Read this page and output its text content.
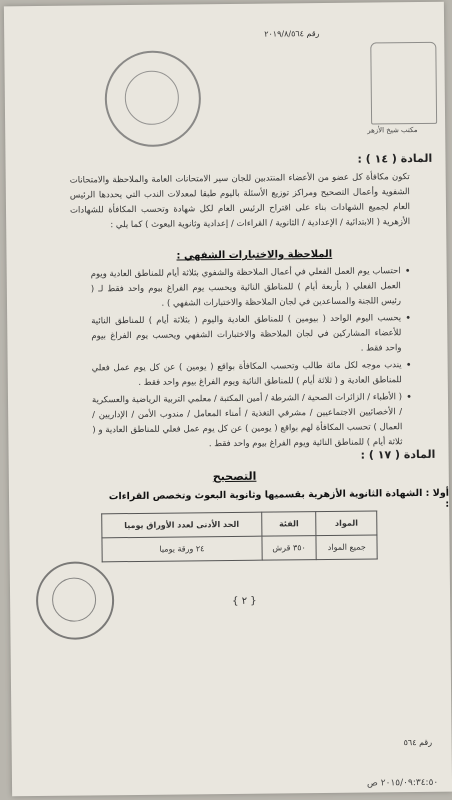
رقم ٢٠١٩/٨/٥٦٤
مكتب شيخ الأزهر
المادة ( ١٤ ) :
تكون مكافأة كل عضو من الأعضاء المنتدبين للجان سير الامتحانات العامة والملاحظة والامتحانات الشفوية وأعمال التصحيح ومراكز توزيع الأسئلة باليوم طبقا لمعدلات الندب التي يحددها الرئيس العام لجميع الشهادات بناء على اقتراح الرئيس العام لكل شهادة وتحسب المكافأة للشهادات الأزهرية ( الابتدائية / الإعدادية / الثانوية / القراءات / إعدادية وثانوية البعوث ) كما يلي :
الملاحظة والاختبارات الشفهي :
• احتساب يوم العمل الفعلي في أعمال الملاحظة والشفوي بثلاثة أيام للمناطق العادية ويوم العمل الفعلي ( بأربعة أيام ) للمناطق النائية ويحسب يوم الفراغ بيوم واحد فقط لـ ( رئيس اللجنة والمساعدين في لجان الملاحظة والاختبارات الشفهي ) .
• يحسب اليوم الواحد ( بيومين ) للمناطق العادية واليوم ( بثلاثة أيام ) للمناطق النائية للأعضاء المشاركين في لجان الملاحظة والاختبارات الشفهي ويحسب يوم الفراغ بيوم واحد فقط .
• يندب موجه لكل مائة طالب وتحسب المكافأة بواقع ( يومين ) عن كل يوم عمل فعلي للمناطق العادية و ( ثلاثة أيام ) للمناطق النائية ويوم الفراغ بيوم واحد فقط .
• ( الأطباء / الزائرات الصحية / الشرطة / أمين المكتبة / معلمي التربية الرياضية والعسكرية / الأخصائيين الاجتماعيين / مشرفي التغذية / أمناء المعامل / مندوب الأمن / الإداريين / العمال ) تحسب المكافأة لهم بواقع ( يومين ) عن كل يوم عمل فعلي للمناطق العادية و ( ثلاثة أيام ) للمناطق النائية ويوم الفراغ بيوم واحد فقط .
المادة ( ١٧ ) :
التصحيح
أولا : الشهادة الثانوية الأزهرية بقسميها وثانوية البعوث وتخصص القراءات :
المواد	الفئة	الحد الأدنى لعدد الأوراق يوميا
جميع المواد	٣٥٠ قرش	٢٤ ورقة يوميا
{ ٢ }
رقم ٥٦٤
٢٠١٥/٠٩:٣٤:٥٠ ص
